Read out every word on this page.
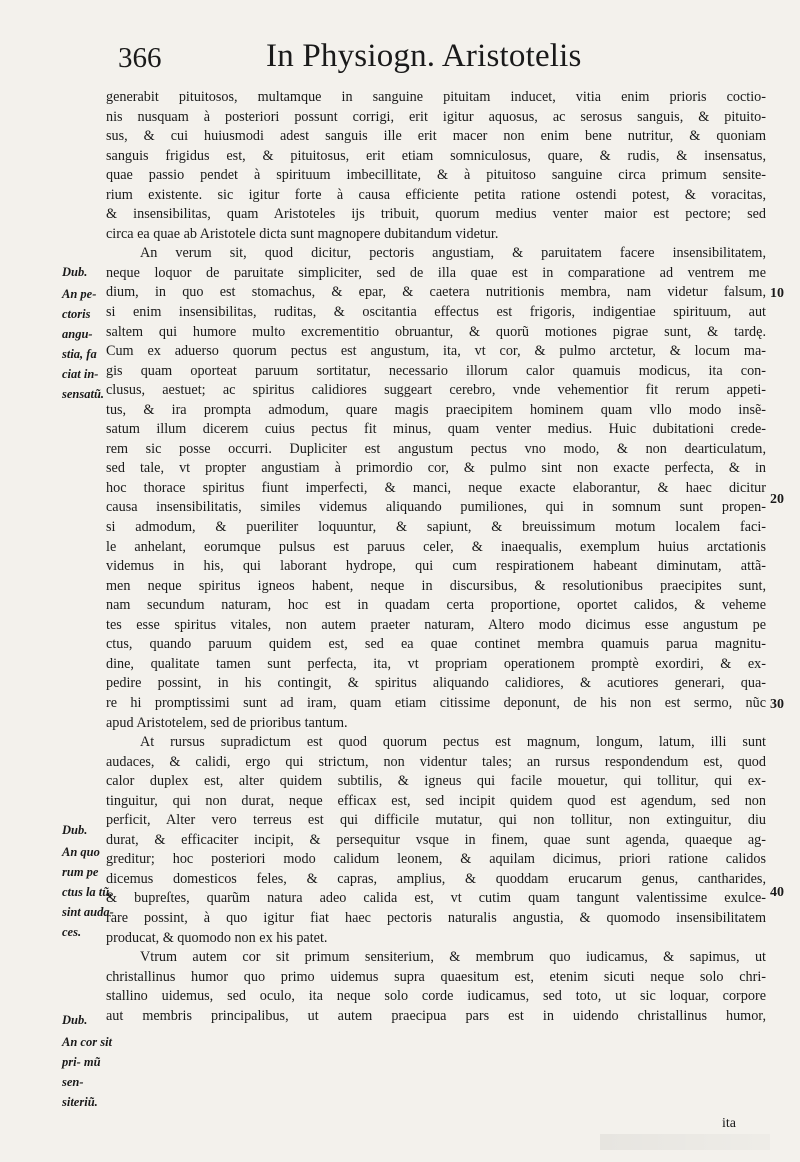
366	In Physiogn. Aristotelis

generabit pituitosos, multamque in sanguine pituitam inducet, vitia enim prioris coctio-
nis nusquam à posteriori possunt corrigi, erit igitur aquosus, ac serosus sanguis, & pituito-
sus, & cui huiusmodi adest sanguis ille erit macer non enim bene nutritur, & quoniam
sanguis frigidus est, & pituitosus, erit etiam somniculosus, quare, & rudis, & insensatus,
quae passio pendet à spirituum imbecillitate, & à pituitoso sanguine circa primum sensite-
rium existente. sic igitur forte à causa efficiente petita ratione ostendi potest, & voracitas,
& insensibilitas, quam Aristoteles ijs tribuit, quorum medius venter maior est pectore; sed
circa ea quae ab Aristotele dicta sunt magnopere dubitandum videtur.

An verum sit, quod dicitur, pectoris angustiam, & paruitatem facere insensibilitatem,
neque loquor de paruitate simpliciter, sed de illa quae est in comparatione ad ventrem me
dium, in quo est stomachus, & epar, & caetera nutritionis membra, nam videtur falsum,
si enim insensibilitas, ruditas, & oscitantia effectus est frigoris, indigentiae spirituum, aut
saltem qui humore multo excrementitio obruantur, & quorũ motiones pigrae sunt, & tardę.
Cum ex aduerso quorum pectus est angustum, ita, vt cor, & pulmo arctetur, & locum ma-
gis quam oporteat paruum sortitatur, necessario illorum calor quamuis modicus, ita con-
clusus, aestuet; ac spiritus calidiores suggeart cerebro, vnde vehementior fit rerum appeti-
tus, & ira prompta admodum, quare magis praecipitem hominem quam vllo modo insẽ-
satum illum dicerem cuius pectus fit minus, quam venter medius. Huic dubitationi crede-
rem sic posse occurri. Dupliciter est angustum pectus vno modo, & non dearticulatum,
sed tale, vt propter angustiam à primordio cor, & pulmo sint non exacte perfecta, & in
hoc thorace spiritus fiunt imperfecti, & manci, neque exacte elaborantur, & haec dicitur
causa insensibilitatis, similes videmus aliquando pumiliones, qui in somnum sunt propen-
si admodum, & pueriliter loquuntur, & sapiunt, & breuissimum motum localem faci-
le anhelant, eorumque pulsus est paruus celer, & inaequalis, exemplum huius arctationis
videmus in his, qui laborant hydrope, qui cum respirationem habeant diminutam, attã-
men neque spiritus igneos habent, neque in discursibus, & resolutionibus praecipites sunt,
nam secundum naturam, hoc est in quadam certa proportione, oportet calidos, & veheme
tes esse spiritus vitales, non autem praeter naturam, Altero modo dicimus esse angustum pe
ctus, quando paruum quidem est, sed ea quae continet membra quamuis parua magnitu-
dine, qualitate tamen sunt perfecta, ita, vt propriam operationem promptè exordiri, & ex-
pedire possint, in his contingit, & spiritus aliquando calidiores, & acutiores generari, qua-
re hi promptissimi sunt ad iram, quam etiam citissime deponunt, de his non est sermo, nũc
apud Aristotelem, sed de prioribus tantum.

At rursus supradictum est quod quorum pectus est magnum, longum, latum, illi sunt
audaces, & calidi, ergo qui strictum, non videntur tales; an rursus respondendum est, quod
calor duplex est, alter quidem subtilis, & igneus qui facile mouetur, qui tollitur, qui ex-
tinguitur, qui non durat, neque efficax est, sed incipit quidem quod est agendum, sed non
perficit, Alter vero terreus est qui difficile mutatur, qui non tollitur, non extinguitur, diu
durat, & efficaciter incipit, & persequitur vsque in finem, quae sunt agenda, quaeque ag-
greditur; hoc posteriori modo calidum leonem, & aquilam dicimus, priori ratione calidos
dicemus domesticos feles, & capras, amplius, & quoddam erucarum genus, cantharides,
& bupreſtes, quarũm natura adeo calida est, vt cutim quam tangunt valentissime exulce-
rare possint, à quo igitur fiat haec pectoris naturalis angustia, & quomodo insensibilitatem
producat, & quomodo non ex his patet.

Vtrum autem cor sit primum sensiterium, & membrum quo iudicamus, & sapimus, ut
christallinus humor quo primo uidemus supra quaesitum est, etenim sicuti neque solo chri-
stallino uidemus, sed oculo, ita neque solo corde iudicamus, sed toto, ut sic loquar, corpore
aut membris principalibus, ut autem praecipua pars est in uidendo christallinus humor,

Dub.
An pe- ctoris angu- stia, fa ciat in- sensatũ.
Dub.
An quo rum pe ctus la tũ, sint auda- ces.
Dub.
An cor sit pri- mũ sen- siteriũ.
10
20
30
40
ita
